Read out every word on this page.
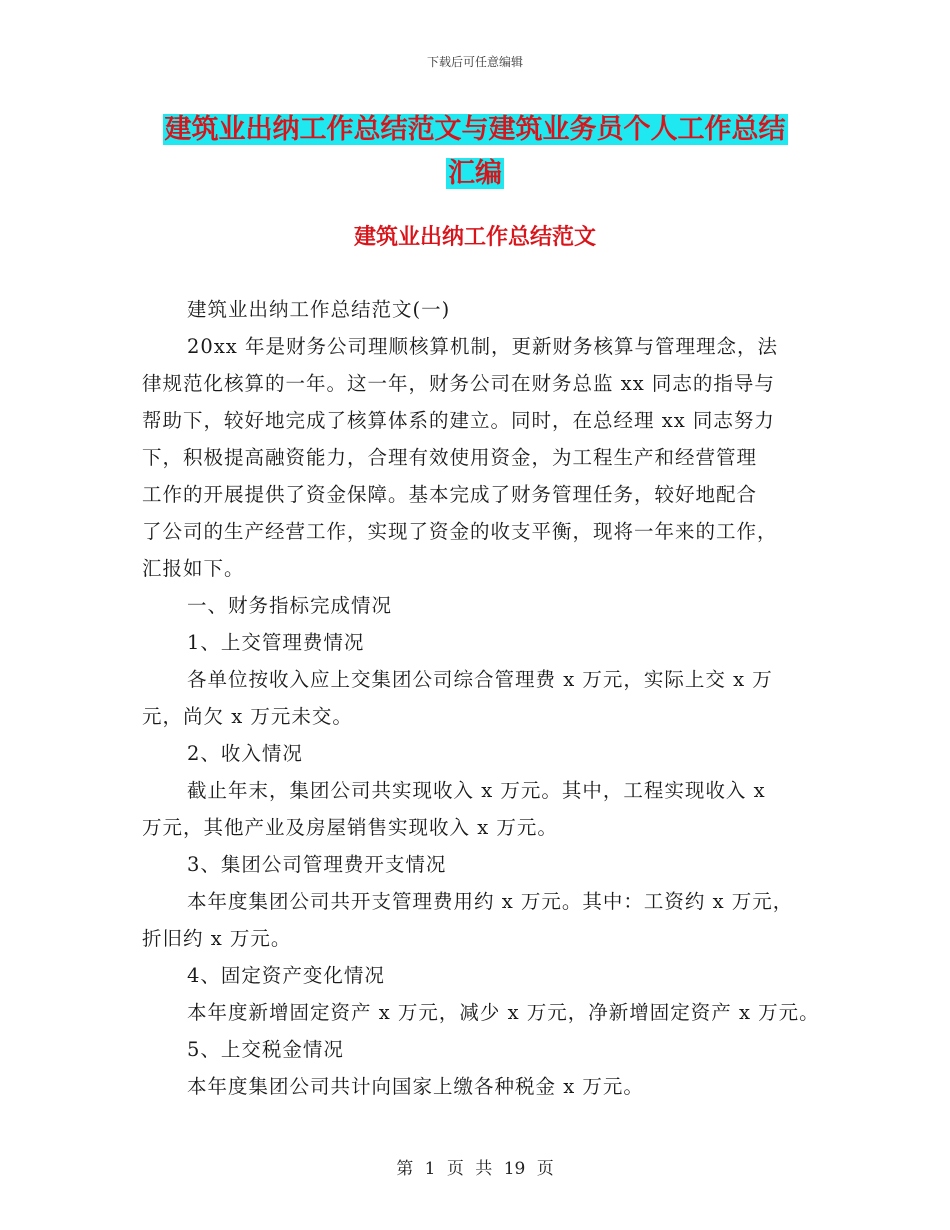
下载后可任意编辑
建筑业出纳工作总结范文与建筑业务员个人工作总结
汇编
建筑业出纳工作总结范文
建筑业出纳工作总结范文(一)
20xx 年是财务公司理顺核算机制，更新财务核算与管理理念，法
律规范化核算的一年。这一年，财务公司在财务总监 xx 同志的指导与
帮助下，较好地完成了核算体系的建立。同时，在总经理 xx 同志努力
下，积极提高融资能力，合理有效使用资金，为工程生产和经营管理
工作的开展提供了资金保障。基本完成了财务管理任务，较好地配合
了公司的生产经营工作，实现了资金的收支平衡，现将一年来的工作，
汇报如下。
一、财务指标完成情况
1、上交管理费情况
各单位按收入应上交集团公司综合管理费 x 万元，实际上交 x 万
元，尚欠 x 万元未交。
2、收入情况
截止年末，集团公司共实现收入 x 万元。其中，工程实现收入 x
万元，其他产业及房屋销售实现收入 x 万元。
3、集团公司管理费开支情况
本年度集团公司共开支管理费用约 x 万元。其中：工资约 x 万元，
折旧约 x 万元。
4、固定资产变化情况
本年度新增固定资产 x 万元，减少 x 万元，净新增固定资产 x 万元。
5、上交税金情况
本年度集团公司共计向国家上缴各种税金 x 万元。
第 1 页 共 19 页
